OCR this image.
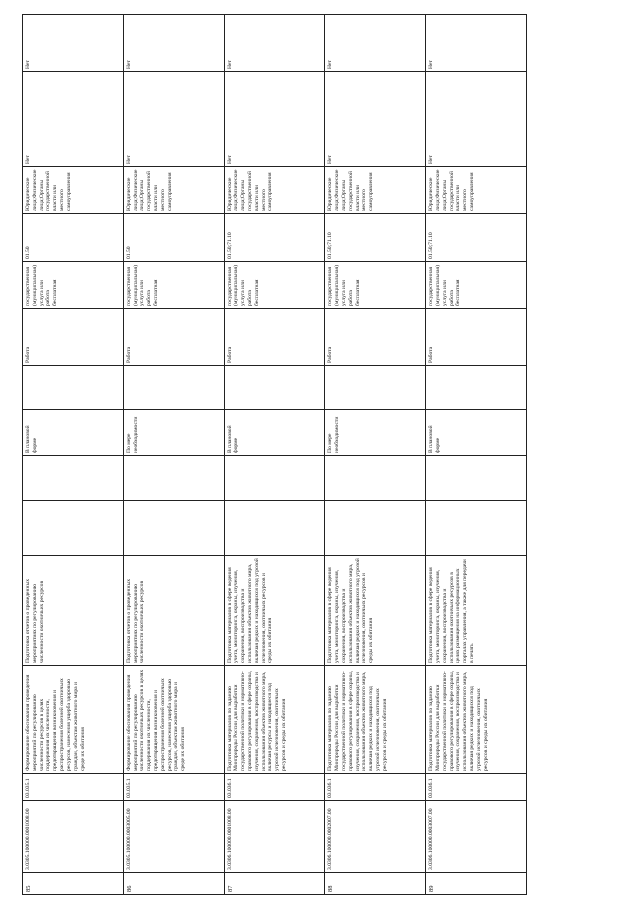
85
3.0305.100000.0001008.00
03.035.1
Формирование обоснования проведения мероприятий по регулированию численности ресурсов в целях поддержания их численности, предотвращения возникновения и распространения болезней охотничьих ресурсов, нанесения ущерба здоровью граждан, объектам животного мира и среде их обитания
Подготовка отчетов о проведенных мероприятиях по регулированию численности охотничьих ресурсов
В плановой форме
Работа
государственная (муниципальная) услуга или работа бесплатная
01.50
Юридические лица;Физические лица;Органы государственной власти или местного самоуправления
Нет
Нет
86
3.0305.100000.0003005.00
03.035.1
Формирование обоснования проведения мероприятий по регулированию численности охотничьих ресурсов в целях поддержания их численности, предотвращения возникновения и распространения болезней охотничьих ресурсов, нанесения ущерба здоровью граждан, объектам животного мира и среде их обитания
Подготовка отчетов о проведенных мероприятиях по регулированию численности охотничьих ресурсов
По мере необходимости
Работа
государственная (муниципальная) услуга или работа бесплатная
01.50
Юридические лица;Физические лица;Органы государственной власти или местного самоуправления
Нет
Нет
87
3.0306.100000.0001008.00
03.036.1
Подготовка материалов по заданию Минприроды России для выработки государственной политики и нормативно-правового регулирования в сфере охраны, изучения, сохранения, воспроизводства и использования объектов животного мира, включая ресурсы и находящиеся под угрозой исчезновения, охотничьих ресурсов и среды их обитания
Подготовка материалов в сфере ведения учета, мониторинга, охраны, изучения, сохранения, воспроизводства и использования объектов животного мира, включая редких и находящихся под угрозой исчезновения, охотничьих ресурсов и среды их обитания
В плановой форме
Работа
государственная (муниципальная) услуга или работа бесплатная
01.50;71.10
Юридические лица;Физические лица;Органы государственной власти или местного самоуправления
Нет
Нет
88
3.0306.100000.0002007.00
03.036.1
Подготовка материалов по заданию Минприроды России для выработки государственной политики и нормативно-правового регулирования в сфере охраны, изучения, сохранения, воспроизводства и использования объектов животного мира, включая редких и находящихся под угрозой исчезновения, охотничьих ресурсов и среды их обитания
Подготовка материалов в сфере ведения учета, мониторинга, охраны, изучения, сохранения, воспроизводства и использования объектов животного мира, включая редких и находящихся под угрозой исчезновения, охотничьих ресурсов и среды их обитания
По мере необходимости
Работа
государственная (муниципальная) услуга или работа бесплатная
01.50;71.10
Юридические лица;Физические лица;Органы государственной власти или местного самоуправления
Нет
Нет
89
3.0306.100000.0003007.00
03.036.1
Подготовка материалов по заданию Минприроды России для выработки государственной политики и нормативно-правового регулирования в сфере охраны, изучения, сохранения, воспроизводства и использования объектов животного мира, включая редких и находящихся под угрозой исчезновения, охотничьих ресурсов и среды их обитания
Подготовка материалов в сфере ведения учета, мониторинга, охраны, изучения, сохранения, воспроизводства и использования охотничьих ресурсов в целях размещения на информационных порталах управления, а также для передачи в печать
В плановой форме
Работа
государственная (муниципальная) услуга или работа бесплатная
01.50;71.10
Юридические лица;Физические лица;Органы государственной власти или местного самоуправления
Нет
Нет
